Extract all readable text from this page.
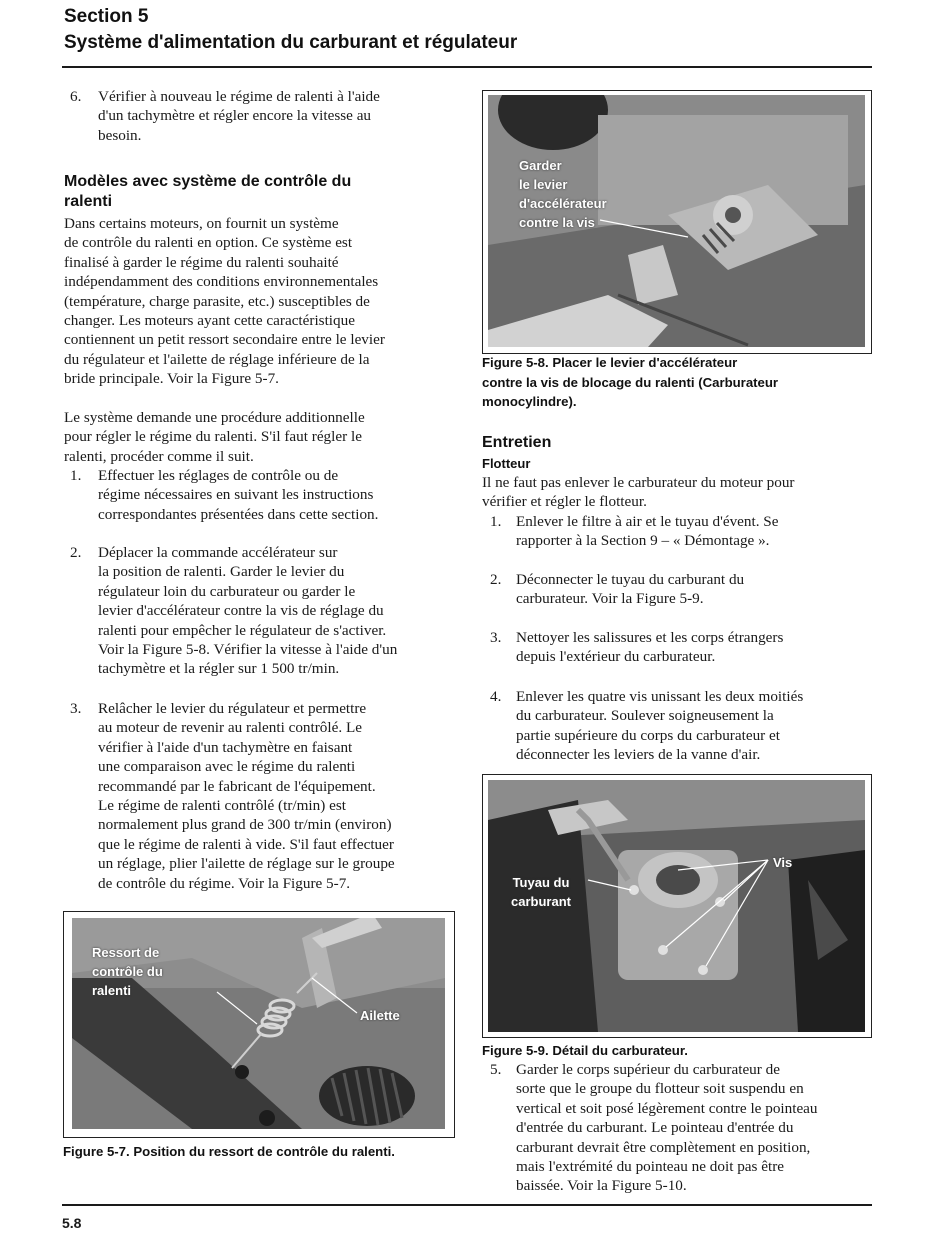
Section 5
Système d'alimentation du carburant et régulateur
6. Vérifier à nouveau le régime de ralenti à l'aide
d'un tachymètre et régler encore la vitesse au
besoin.
Modèles avec système de contrôle du
ralenti
Dans certains moteurs, on fournit un système
de contrôle du ralenti en option. Ce système est
finalisé à garder le régime du ralenti souhaité
indépendamment des conditions environnementales
(température, charge parasite, etc.) susceptibles de
changer. Les moteurs ayant cette caractéristique
contiennent un petit ressort secondaire entre le levier
du régulateur et l'ailette de réglage inférieure de la
bride principale. Voir la Figure 5-7.
Le système demande une procédure additionnelle
pour régler le régime du ralenti. S'il faut régler le
ralenti, procéder comme il suit.
1. Effectuer les réglages de contrôle ou de
régime nécessaires en suivant les instructions
correspondantes présentées dans cette section.
2. Déplacer la commande accélérateur sur
la position de ralenti. Garder le levier du
régulateur loin du carburateur ou garder le
levier d'accélérateur contre la vis de réglage du
ralenti pour empêcher le régulateur de s'activer.
Voir la Figure 5-8. Vérifier la vitesse à l'aide d'un
tachymètre et la régler sur 1 500 tr/min.
3. Relâcher le levier du régulateur et permettre
au moteur de revenir au ralenti contrôlé. Le
vérifier à l'aide d'un tachymètre en faisant
une comparaison avec le régime du ralenti
recommandé par le fabricant de l'équipement.
Le régime de ralenti contrôlé (tr/min) est
normalement plus grand de 300 tr/min (environ)
que le régime de ralenti à vide. S'il faut effectuer
un réglage, plier l'ailette de réglage sur le groupe
de contrôle du régime. Voir la Figure 5-7.
Ressort de
contrôle du
ralenti
Ailette
Figure 5-7. Position du ressort de contrôle du ralenti.
Garder
le levier
d'accélérateur
contre la vis
Figure 5-8. Placer le levier d'accélérateur
contre la vis de blocage du ralenti (Carburateur
monocylindre).
Entretien
Flotteur
Il ne faut pas enlever le carburateur du moteur pour
vérifier et régler le flotteur.
1. Enlever le filtre à air et le tuyau d'évent. Se
rapporter à la Section 9 – « Démontage ».
2. Déconnecter le tuyau du carburant du
carburateur. Voir la Figure 5-9.
3. Nettoyer les salissures et les corps étrangers
depuis l'extérieur du carburateur.
4. Enlever les quatre vis unissant les deux moitiés
du carburateur. Soulever soigneusement la
partie supérieure du corps du carburateur et
déconnecter les leviers de la vanne d'air.
Tuyau du
carburant
Vis
Figure 5-9. Détail du carburateur.
5. Garder le corps supérieur du carburateur de
sorte que le groupe du flotteur soit suspendu en
vertical et soit posé légèrement contre le pointeau
d'entrée du carburant. Le pointeau d'entrée du
carburant devrait être complètement en position,
mais l'extrémité du pointeau ne doit pas être
baissée. Voir la Figure 5-10.
5.8
